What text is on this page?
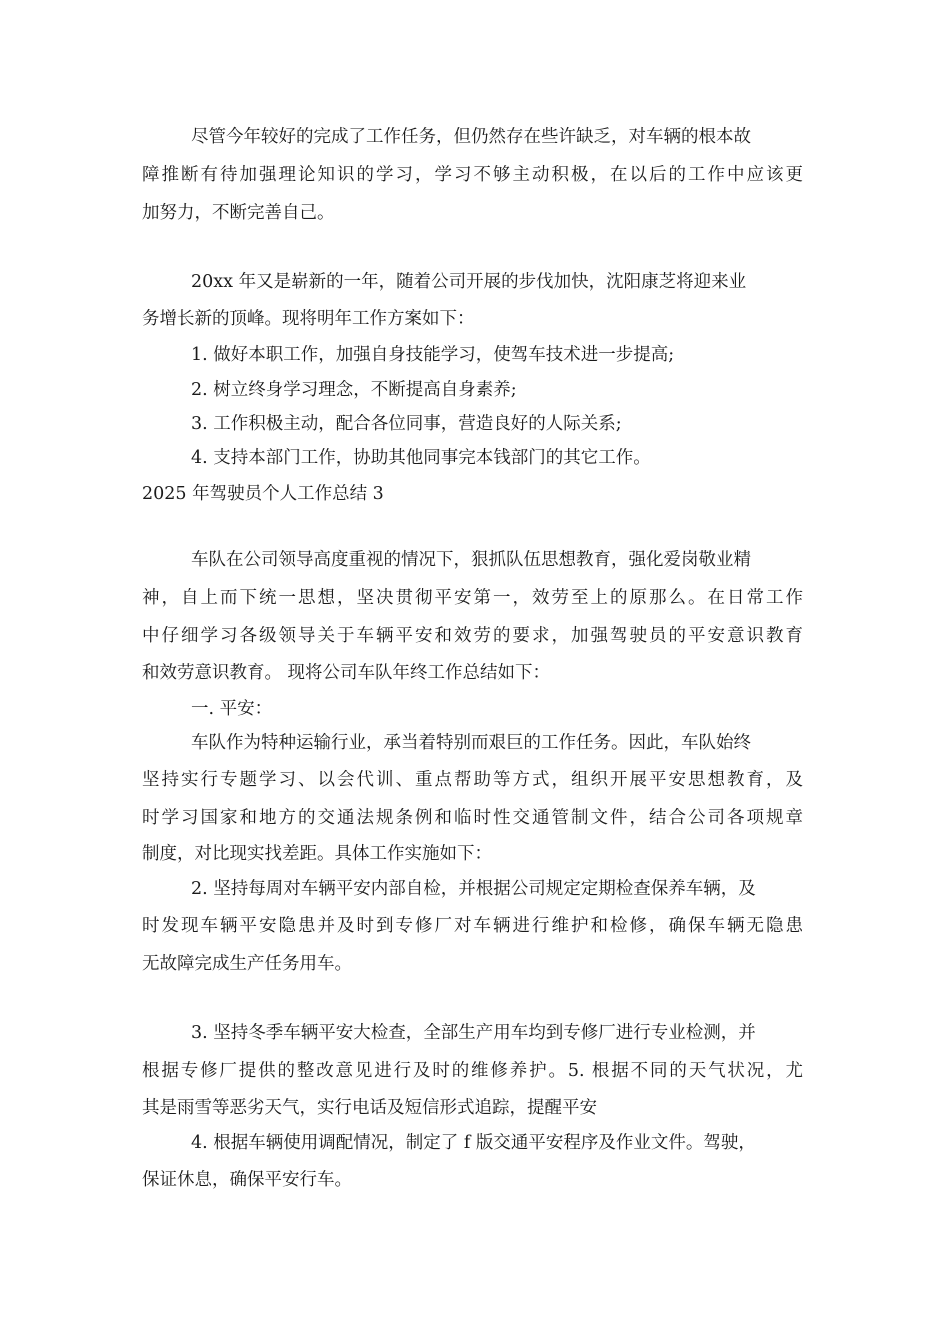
尽管今年较好的完成了工作任务，但仍然存在些许缺乏，对车辆的根本故
障推断有待加强理论知识的学习，学习不够主动积极，在以后的工作中应该更
加努力，不断完善自己。
20xx 年又是崭新的一年，随着公司开展的步伐加快，沈阳康芝将迎来业
务增长新的顶峰。现将明年工作方案如下：
1. 做好本职工作，加强自身技能学习，使驾车技术进一步提高;
2. 树立终身学习理念，不断提高自身素养;
3. 工作积极主动，配合各位同事，营造良好的人际关系;
4. 支持本部门工作，协助其他同事完本钱部门的其它工作。
2025 年驾驶员个人工作总结 3
车队在公司领导高度重视的情况下，狠抓队伍思想教育，强化爱岗敬业精
神，自上而下统一思想，坚决贯彻平安第一，效劳至上的原那么。在日常工作
中仔细学习各级领导关于车辆平安和效劳的要求，加强驾驶员的平安意识教育
和效劳意识教育。 现将公司车队年终工作总结如下：
一. 平安：
车队作为特种运输行业，承当着特别而艰巨的工作任务。因此，车队始终
坚持实行专题学习、以会代训、重点帮助等方式，组织开展平安思想教育，及
时学习国家和地方的交通法规条例和临时性交通管制文件，结合公司各项规章
制度，对比现实找差距。具体工作实施如下：
2. 坚持每周对车辆平安内部自检，并根据公司规定定期检查保养车辆，及
时发现车辆平安隐患并及时到专修厂对车辆进行维护和检修，确保车辆无隐患
无故障完成生产任务用车。
3. 坚持冬季车辆平安大检查，全部生产用车均到专修厂进行专业检测，并
根据专修厂提供的整改意见进行及时的维修养护。5. 根据不同的天气状况，尤
其是雨雪等恶劣天气，实行电话及短信形式追踪，提醒平安
4. 根据车辆使用调配情况，制定了 f 版交通平安程序及作业文件。驾驶，
保证休息，确保平安行车。
